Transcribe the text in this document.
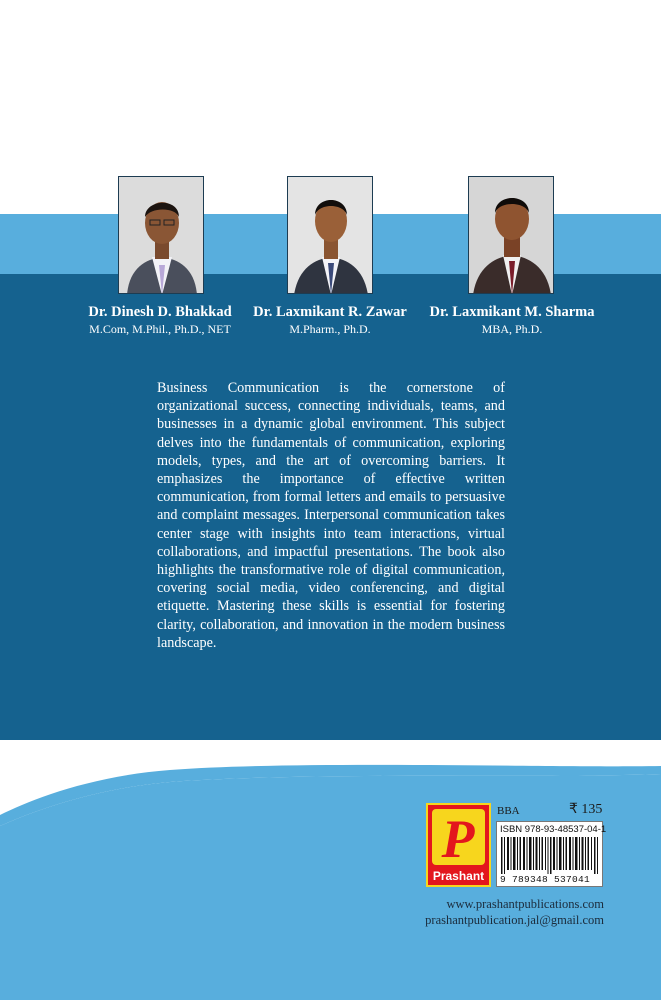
Dr. Dinesh D. Bhakkad
M.Com, M.Phil., Ph.D., NET
Dr. Laxmikant R. Zawar
M.Pharm., Ph.D.
Dr. Laxmikant M. Sharma
MBA, Ph.D.
Business Communication is the cornerstone of organizational success, connecting individuals, teams, and businesses in a dynamic global environment. This subject delves into the fundamentals of communication, exploring models, types, and the art of overcoming barriers. It emphasizes the importance of effective written communication, from formal letters and emails to persuasive and complaint messages. Interpersonal communication takes center stage with insights into team interactions, virtual collaborations, and impactful presentations. The book also highlights the transformative role of digital communication, covering social media, video conferencing, and digital etiquette. Mastering these skills is essential for fostering clarity, collaboration, and innovation in the modern business landscape.
P
Prashant
BBA	₹ 135
ISBN 978-93-48537-04-1
9 789348 537041
www.prashantpublications.com
prashantpublication.jal@gmail.com
